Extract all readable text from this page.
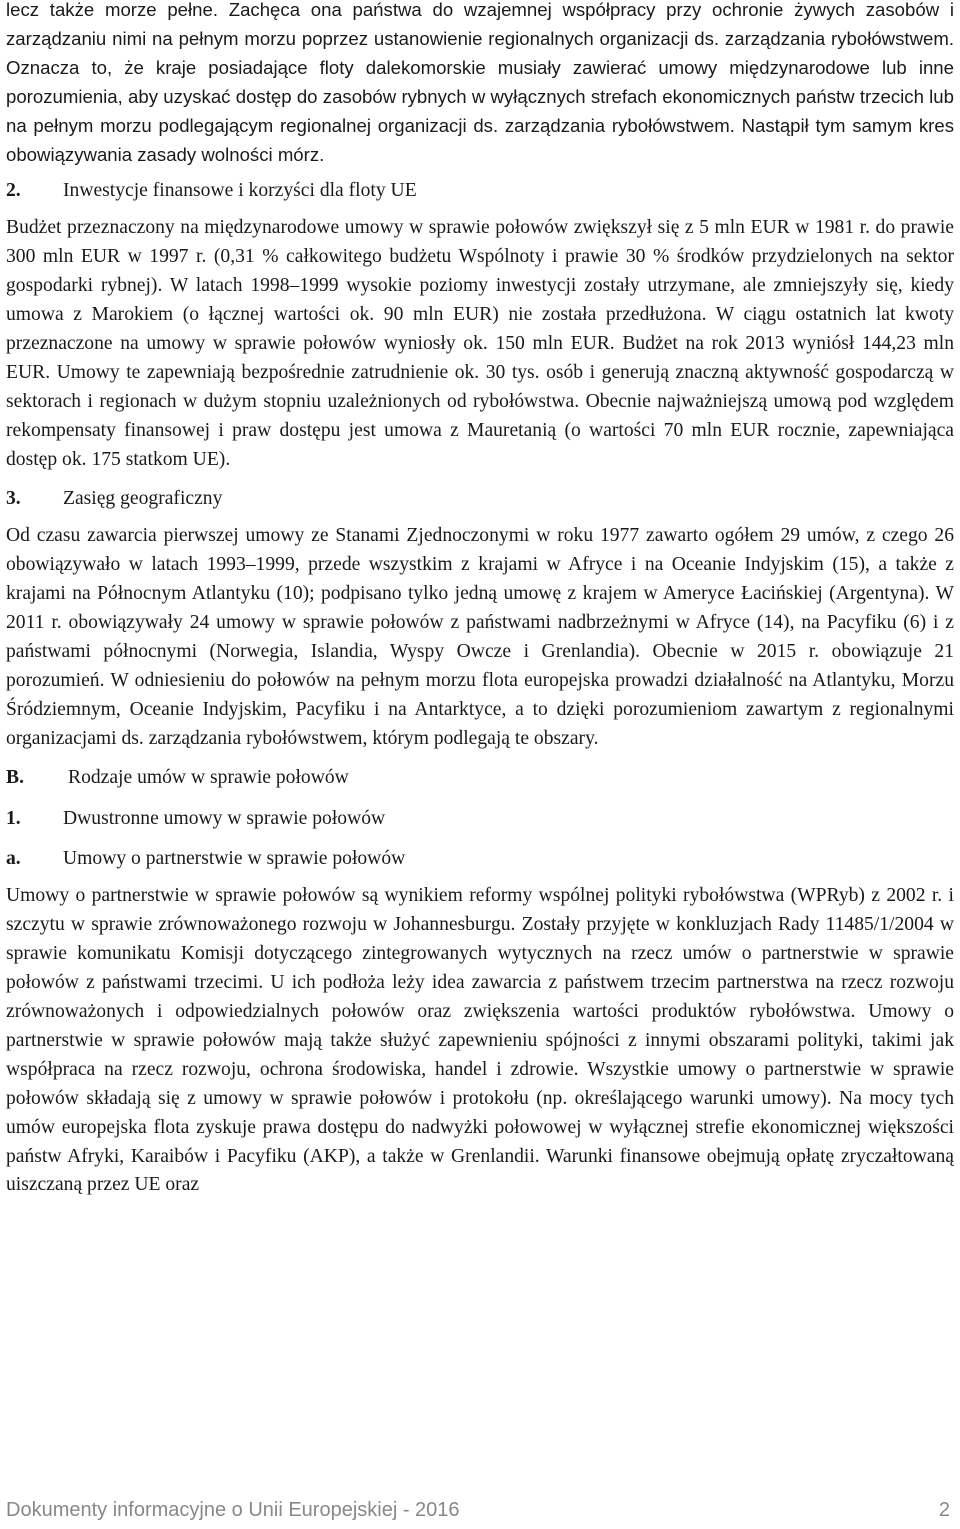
lecz także morze pełne. Zachęca ona państwa do wzajemnej współpracy przy ochronie żywych zasobów i zarządzaniu nimi na pełnym morzu poprzez ustanowienie regionalnych organizacji ds. zarządzania rybołówstwem. Oznacza to, że kraje posiadające floty dalekomorskie musiały zawierać umowy międzynarodowe lub inne porozumienia, aby uzyskać dostęp do zasobów rybnych w wyłącznych strefach ekonomicznych państw trzecich lub na pełnym morzu podlegającym regionalnej organizacji ds. zarządzania rybołówstwem. Nastąpił tym samym kres obowiązywania zasady wolności mórz.

2. Inwestycje finansowe i korzyści dla floty UE

Budżet przeznaczony na międzynarodowe umowy w sprawie połowów zwiększył się z 5 mln EUR w 1981 r. do prawie 300 mln EUR w 1997 r. (0,31 % całkowitego budżetu Wspólnoty i prawie 30 % środków przydzielonych na sektor gospodarki rybnej). W latach 1998–1999 wysokie poziomy inwestycji zostały utrzymane, ale zmniejszyły się, kiedy umowa z Marokiem (o łącznej wartości ok. 90 mln EUR) nie została przedłużona. W ciągu ostatnich lat kwoty przeznaczone na umowy w sprawie połowów wyniosły ok. 150 mln EUR. Budżet na rok 2013 wyniósł 144,23 mln EUR. Umowy te zapewniają bezpośrednie zatrudnienie ok. 30 tys. osób i generują znaczną aktywność gospodarczą w sektorach i regionach w dużym stopniu uzależnionych od rybołówstwa. Obecnie najważniejszą umową pod względem rekompensaty finansowej i praw dostępu jest umowa z Mauretanią (o wartości 70 mln EUR rocznie, zapewniająca dostęp ok. 175 statkom UE).

3. Zasięg geograficzny

Od czasu zawarcia pierwszej umowy ze Stanami Zjednoczonymi w roku 1977 zawarto ogółem 29 umów, z czego 26 obowiązywało w latach 1993–1999, przede wszystkim z krajami w Afryce i na Oceanie Indyjskim (15), a także z krajami na Północnym Atlantyku (10); podpisano tylko jedną umowę z krajem w Ameryce Łacińskiej (Argentyna). W 2011 r. obowiązywały 24 umowy w sprawie połowów z państwami nadbrzeżnymi w Afryce (14), na Pacyfiku (6) i z państwami północnymi (Norwegia, Islandia, Wyspy Owcze i Grenlandia). Obecnie w 2015 r. obowiązuje 21 porozumień. W odniesieniu do połowów na pełnym morzu flota europejska prowadzi działalność na Atlantyku, Morzu Śródziemnym, Oceanie Indyjskim, Pacyfiku i na Antarktyce, a to dzięki porozumieniom zawartym z regionalnymi organizacjami ds. zarządzania rybołówstwem, którym podlegają te obszary.

B. Rodzaje umów w sprawie połowów
1. Dwustronne umowy w sprawie połowów
a. Umowy o partnerstwie w sprawie połowów

Umowy o partnerstwie w sprawie połowów są wynikiem reformy wspólnej polityki rybołówstwa (WPRyb) z 2002 r. i szczytu w sprawie zrównoważonego rozwoju w Johannesburgu. Zostały przyjęte w konkluzjach Rady 11485/1/2004 w sprawie komunikatu Komisji dotyczącego zintegrowanych wytycznych na rzecz umów o partnerstwie w sprawie połowów z państwami trzecimi. U ich podłoża leży idea zawarcia z państwem trzecim partnerstwa na rzecz rozwoju zrównoważonych i odpowiedzialnych połowów oraz zwiększenia wartości produktów rybołówstwa. Umowy o partnerstwie w sprawie połowów mają także służyć zapewnieniu spójności z innymi obszarami polityki, takimi jak współpraca na rzecz rozwoju, ochrona środowiska, handel i zdrowie. Wszystkie umowy o partnerstwie w sprawie połowów składają się z umowy w sprawie połowów i protokołu (np. określającego warunki umowy). Na mocy tych umów europejska flota zyskuje prawa dostępu do nadwyżki połowowej w wyłącznej strefie ekonomicznej większości państw Afryki, Karaibów i Pacyfiku (AKP), a także w Grenlandii. Warunki finansowe obejmują opłatę zryczałtowaną uiszczaną przez UE oraz

Dokumenty informacyjne o Unii Europejskiej - 2016	2
